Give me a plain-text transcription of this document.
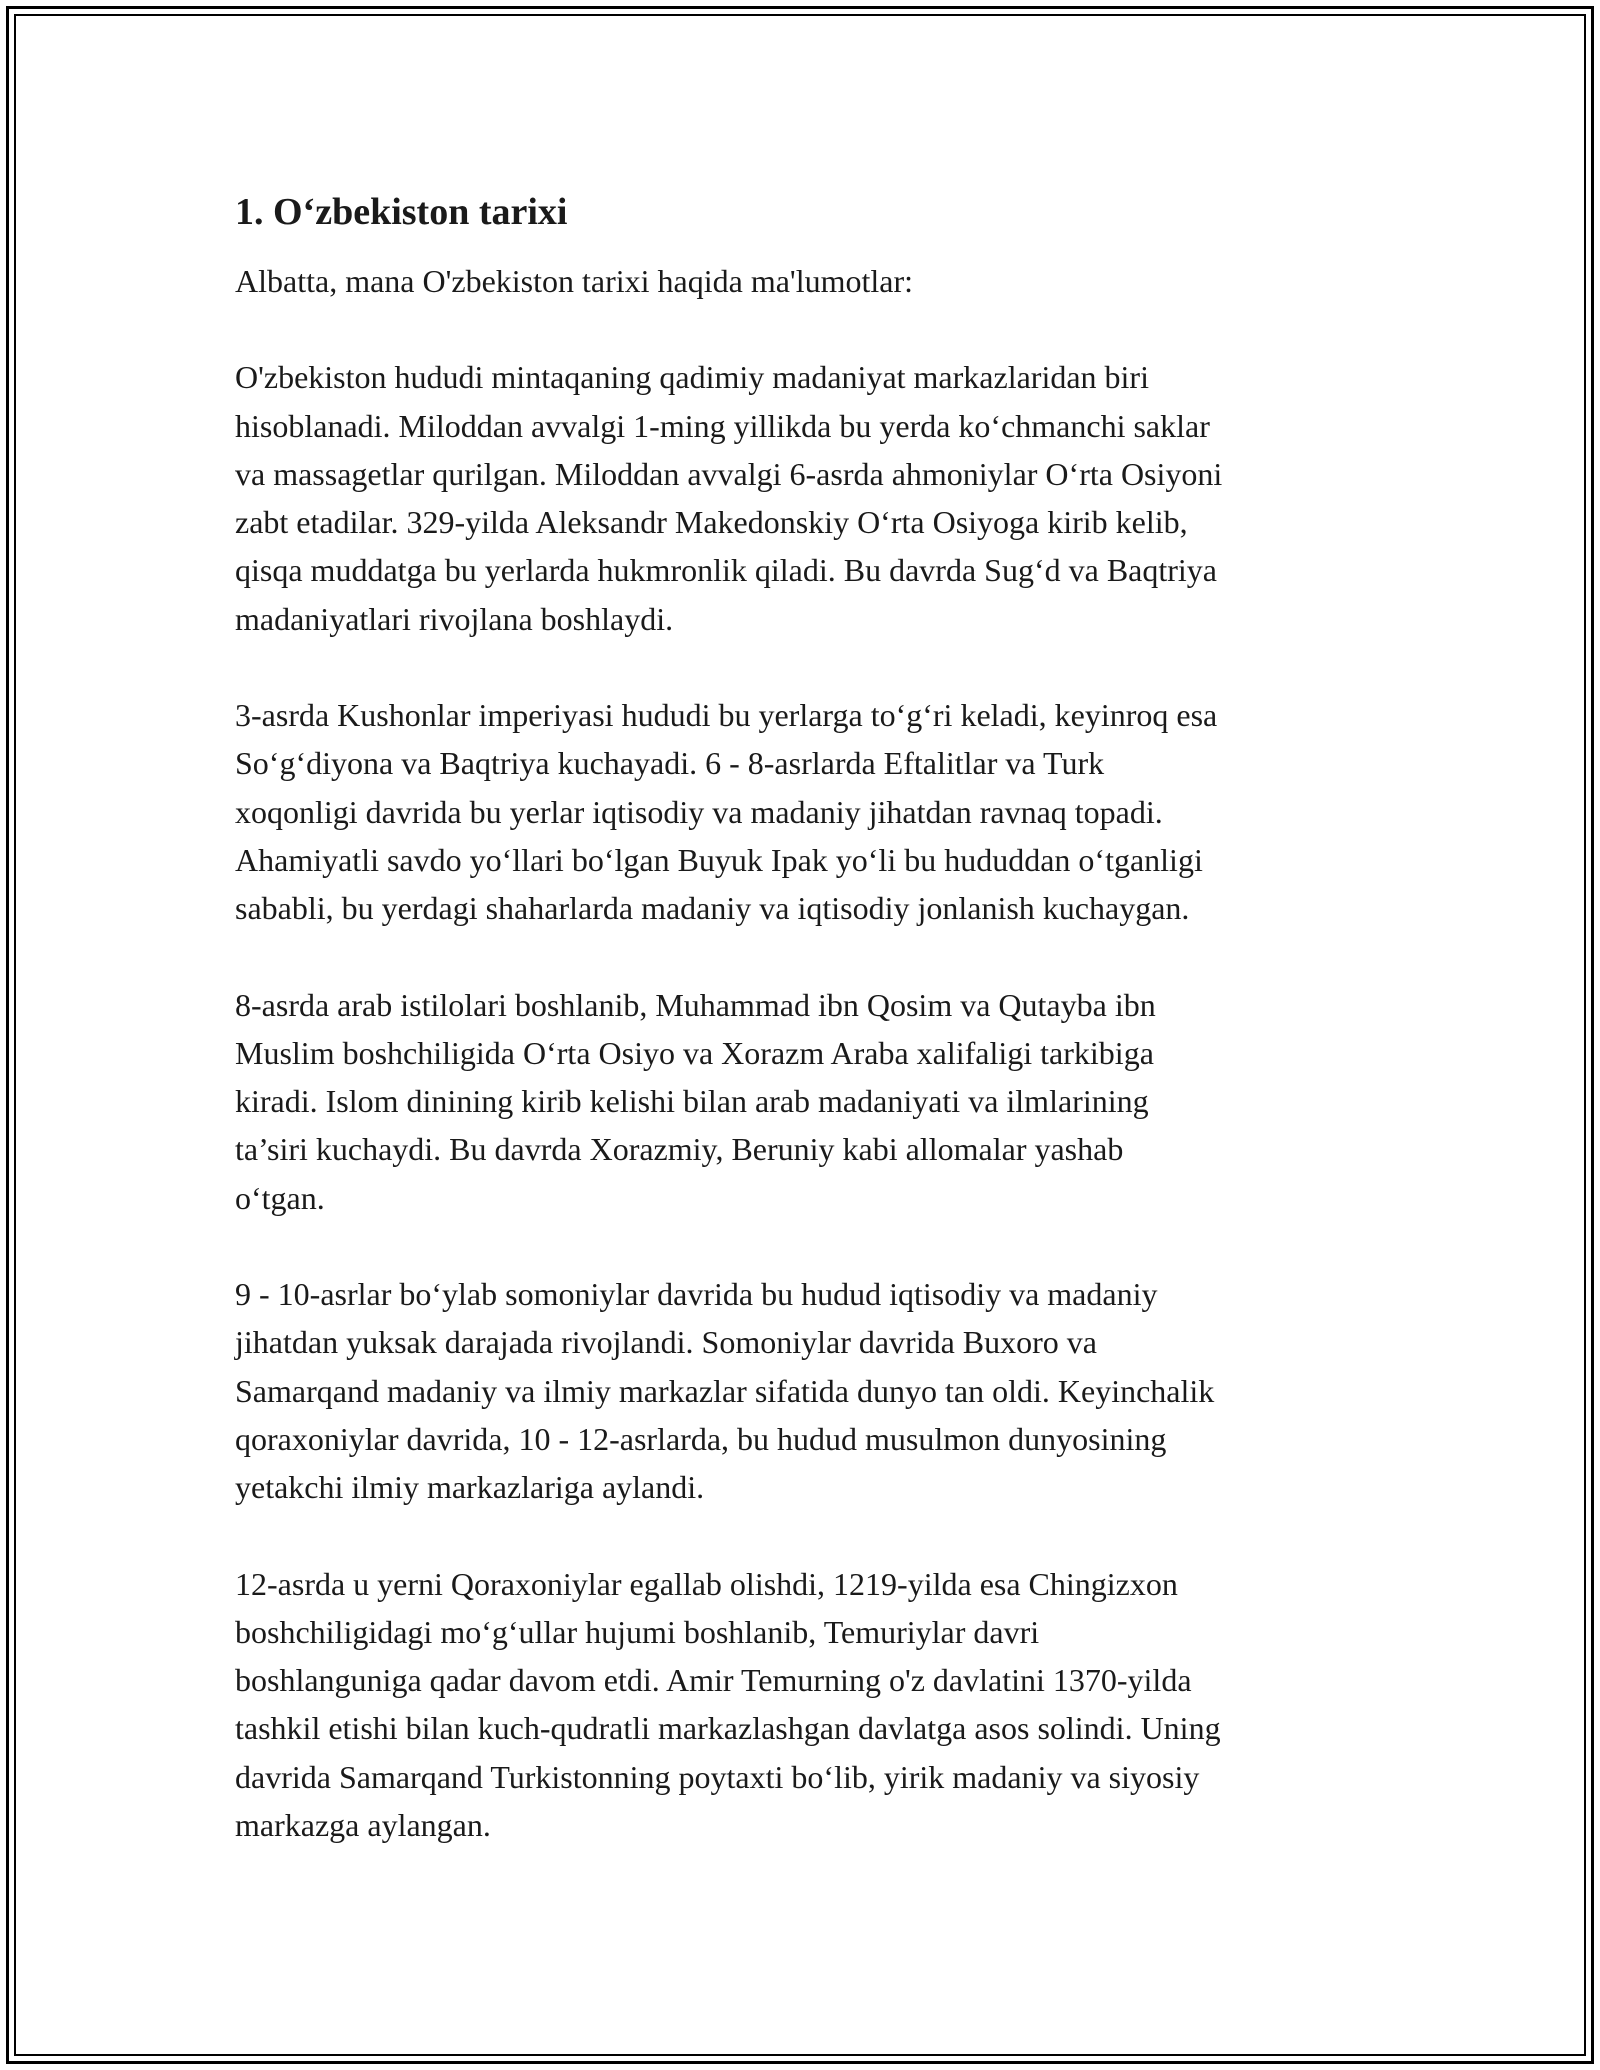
1. O‘zbekiston tarixi

Albatta, mana O'zbekiston tarixi haqida ma'lumotlar:

O'zbekiston hududi mintaqaning qadimiy madaniyat markazlaridan biri
hisoblanadi. Miloddan avvalgi 1-ming yillikda bu yerda ko‘chmanchi saklar
va massagetlar qurilgan. Miloddan avvalgi 6-asrda ahmoniylar O‘rta Osiyoni
zabt etadilar. 329-yilda Aleksandr Makedonskiy O‘rta Osiyoga kirib kelib,
qisqa muddatga bu yerlarda hukmronlik qiladi. Bu davrda Sug‘d va Baqtriya
madaniyatlari rivojlana boshlaydi.

3-asrda Kushonlar imperiyasi hududi bu yerlarga to‘g‘ri keladi, keyinroq esa
So‘g‘diyona va Baqtriya kuchayadi. 6 - 8-asrlarda Eftalitlar va Turk
xoqonligi davrida bu yerlar iqtisodiy va madaniy jihatdan ravnaq topadi.
Ahamiyatli savdo yo‘llari bo‘lgan Buyuk Ipak yo‘li bu hududdan o‘tganligi
sababli, bu yerdagi shaharlarda madaniy va iqtisodiy jonlanish kuchaygan.

8-asrda arab istilolari boshlanib, Muhammad ibn Qosim va Qutayba ibn
Muslim boshchiligida O‘rta Osiyo va Xorazm Araba xalifaligi tarkibiga
kiradi. Islom dinining kirib kelishi bilan arab madaniyati va ilmlarining
ta’siri kuchaydi. Bu davrda Xorazmiy, Beruniy kabi allomalar yashab
o‘tgan.

9 - 10-asrlar bo‘ylab somoniylar davrida bu hudud iqtisodiy va madaniy
jihatdan yuksak darajada rivojlandi. Somoniylar davrida Buxoro va
Samarqand madaniy va ilmiy markazlar sifatida dunyo tan oldi. Keyinchalik
qoraxoniylar davrida, 10 - 12-asrlarda, bu hudud musulmon dunyosining
yetakchi ilmiy markazlariga aylandi.

12-asrda u yerni Qoraxoniylar egallab olishdi, 1219-yilda esa Chingizxon
boshchiligidagi mo‘g‘ullar hujumi boshlanib, Temuriylar davri
boshlanguniga qadar davom etdi. Amir Temurning o'z davlatini 1370-yilda
tashkil etishi bilan kuch-qudratli markazlashgan davlatga asos solindi. Uning
davrida Samarqand Turkistonning poytaxti bo‘lib, yirik madaniy va siyosiy
markazga aylangan.
